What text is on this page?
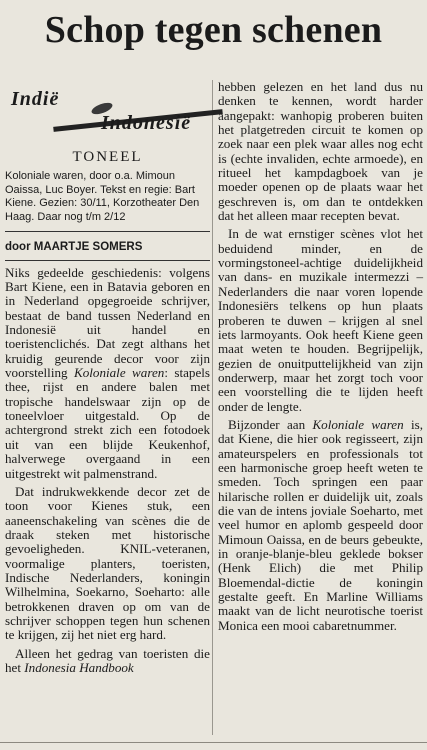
Schop tegen schenen
Indië
Indonesië
TONEEL
Koloniale waren, door o.a. Mimoun Oaissa, Luc Boyer. Tekst en regie: Bart Kiene. Gezien: 30/11, Korzotheater Den Haag. Daar nog t/m 2/12
door MAARTJE SOMERS

Niks gedeelde geschiedenis: volgens Bart Kiene, een in Batavia geboren en in Nederland opgegroeide schrijver, bestaat de band tussen Nederland en Indonesië uit handel en toeristenclichés. Dat zegt althans het kruidig geurende decor voor zijn voorstelling Koloniale waren: stapels thee, rijst en andere balen met tropische handelswaar zijn op de toneelvloer uitgestald. Op de achtergrond strekt zich een fotodoek uit van een blijde Keukenhof, halverwege overgaand in een uitgestrekt wit palmenstrand.

Dat indrukwekkende decor zet de toon voor Kienes stuk, een aaneenschakeling van scènes die de draak steken met historische gevoeligheden. KNIL-veteranen, voormalige planters, toeristen, Indische Nederlanders, koningin Wilhelmina, Soekarno, Soeharto: alle betrokkenen draven op om van de schrijver schoppen tegen hun schenen te krijgen, zij het niet erg hard.

Alleen het gedrag van toeristen die het Indonesia Handbook

hebben gelezen en het land dus nu denken te kennen, wordt harder aangepakt: wanhopig proberen buiten het platgetreden circuit te komen op zoek naar een plek waar alles nog echt is (echte invaliden, echte armoede), en ritueel het kampdagboek van je moeder openen op de plaats waar het geschreven is, om dan te ontdekken dat het alleen maar recepten bevat.

In de wat ernstiger scènes vlot het beduidend minder, en de vormingstoneel-achtige duidelijkheid van dans- en muzikale intermezzi – Nederlanders die naar voren lopende Indonesiërs telkens op hun plaats proberen te duwen – krijgen al snel iets larmoyants. Ook heeft Kiene geen maat weten te houden. Begrijpelijk, gezien de onuitputtelijkheid van zijn onderwerp, maar het zorgt toch voor een voorstelling die te lijden heeft onder de lengte.

Bijzonder aan Koloniale waren is, dat Kiene, die hier ook regisseert, zijn amateurspelers en professionals tot een harmonische groep heeft weten te smeden. Toch springen een paar hilarische rollen er duidelijk uit, zoals die van de intens joviale Soeharto, met veel humor en aplomb gespeeld door Mimoun Oaissa, en de beurs gebeukte, in oranje-blanje-bleu geklede bokser (Henk Elich) die met Philip Bloemendal-dictie de koningin gestalte geeft. En Marline Williams maakt van de licht neurotische toerist Monica een mooi cabaretnummer.
